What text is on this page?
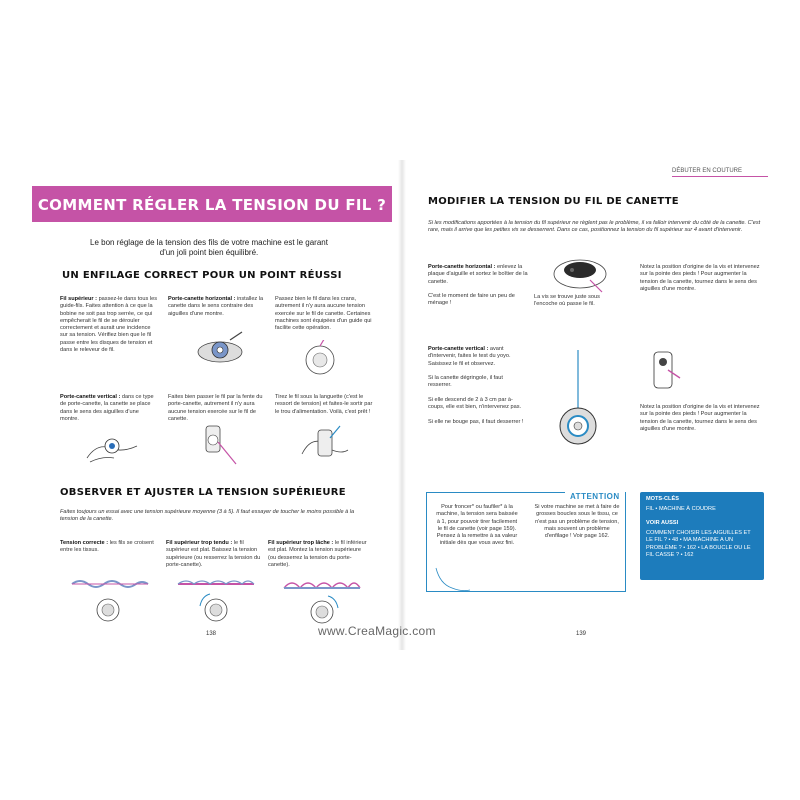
DÉBUTER EN COUTURE
COMMENT RÉGLER LA TENSION DU FIL ?

Le bon réglage de la tension des fils de votre machine est le garant d'un joli point bien équilibré.

UN ENFILAGE CORRECT POUR UN POINT RÉUSSI

Fil supérieur : passez-le dans tous les guide-fils. Faites attention à ce que la bobine ne soit pas trop serrée, ce qui empêcherait le fil de se dérouler correctement et aurait une incidence sur sa tension. Vérifiez bien que le fil passe entre les disques de tension et dans le releveur de fil.

Porte-canette horizontal : installez la canette dans le sens contraire des aiguilles d'une montre.

Passez bien le fil dans les crans, autrement il n'y aura aucune tension exercée sur le fil de canette. Certaines machines sont équipées d'un guide qui facilite cette opération.

Porte-canette vertical : dans ce type de porte-canette, la canette se place dans le sens des aiguilles d'une montre.

Faites bien passer le fil par la fente du porte-canette, autrement il n'y aura aucune tension exercée sur le fil de canette.

Tirez le fil sous la languette (c'est le ressort de tension) et faites-le sortir par le trou d'alimentation. Voilà, c'est prêt !

OBSERVER ET AJUSTER LA TENSION SUPÉRIEURE

Faites toujours un essai avec une tension supérieure moyenne (3 à 5). Il faut essayer de toucher le moins possible à la tension de la canette.

Tension correcte : les fils se croisent entre les tissus.

Fil supérieur trop tendu : le fil supérieur est plat. Baissez la tension supérieure (ou resserrez la tension du porte-canette).

Fil supérieur trop lâche : le fil inférieur est plat. Montez la tension supérieure (ou desserrez la tension du porte-canette).

138
MODIFIER LA TENSION DU FIL DE CANETTE

Si les modifications apportées à la tension du fil supérieur ne règlent pas le problème, il va falloir intervenir du côté de la canette. C'est rare, mais il arrive que les petites vis se desserrent. Dans ce cas, positionnez la tension du fil supérieur sur 4 avant d'intervenir.

Porte-canette horizontal : enlevez la plaque d'aiguille et sortez le boîtier de la canette.

C'est le moment de faire un peu de ménage !

La vis se trouve juste sous l'encoche où passe le fil.

Notez la position d'origine de la vis et intervenez sur la pointe des pieds ! Pour augmenter la tension de la canette, tournez dans le sens des aiguilles d'une montre.

Porte-canette vertical : avant d'intervenir, faites le test du yoyo. Saisissez le fil et observez.

Si la canette dégringole, il faut resserrer.

Si elle descend de 2 à 3 cm par à-coups, elle est bien, n'intervenez pas.

Si elle ne bouge pas, il faut desserrer !

Notez la position d'origine de la vis et intervenez sur la pointe des pieds ! Pour augmenter la tension de la canette, tournez dans le sens des aiguilles d'une montre.

ATTENTION

Pour froncer* ou faufiler* à la machine, la tension sera baissée à 1, pour pouvoir tirer facilement le fil de canette (voir page 159). Pensez à la remettre à sa valeur initiale dès que vous avez fini.

Si votre machine se met à faire de grosses boucles sous le tissu, ce n'est pas un problème de tension, mais souvent un problème d'enfilage ! Voir page 162.

MOTS-CLÉS
FIL • MACHINE À COUDRE
VOIR AUSSI

COMMENT CHOISIR LES AIGUILLES ET LE FIL ? • 48 • MA MACHINE A UN PROBLÈME ? • 162 • LA BOUCLE OU LE FIL CASSE ? • 162

139
www.CreaMagic.com
